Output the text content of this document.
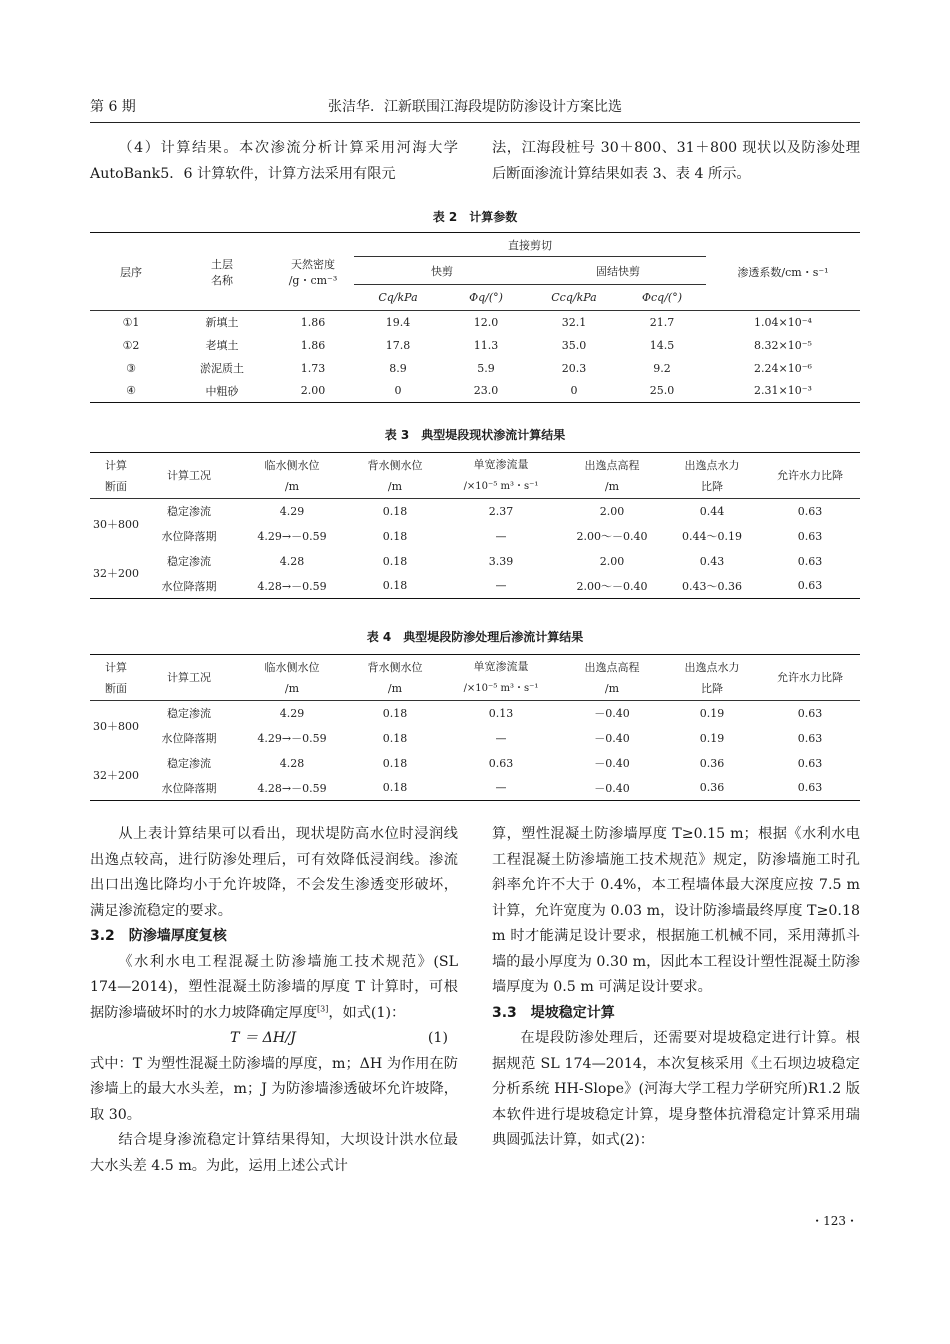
第 6 期	张洁华．江新联围江海段堤防防渗设计方案比选

（4）计算结果。本次渗流分析计算采用河海大学 AutoBank5．6 计算软件，计算方法采用有限元

法，江海段桩号 30＋800、31＋800 现状以及防渗处理后断面渗流计算结果如表 3、表 4 所示。

表 2　计算参数
层序	土层名称	天然密度
/g・cm⁻³	直接剪切				渗透系数/cm・s⁻¹
			快剪		固结快剪		
			Cq/kPa	Φq/(°)	Ccq/kPa	Φcq/(°)	
①1	新填土	1.86	19.4	12.0	32.1	21.7	1.04×10⁻⁴
①2	老填土	1.86	17.8	11.3	35.0	14.5	8.32×10⁻⁵
③	淤泥质土	1.73	8.9	5.9	20.3	9.2	2.24×10⁻⁶
④	中粗砂	2.00	0	23.0	0	25.0	2.31×10⁻³
表 3　典型堤段现状渗流计算结果
计算
断面	计算工况	临水侧水位
/m	背水侧水位
/m	单宽渗流量
/×10⁻⁵ m³・s⁻¹	出逸点高程
/m	出逸点水力
比降	允许水力比降
30＋800	稳定渗流	4.29	0.18	2.37	2.00	0.44	0.63
	水位降落期	4.29→－0.59	0.18	—	2.00～－0.40	0.44～0.19	0.63
32＋200	稳定渗流	4.28	0.18	3.39	2.00	0.43	0.63
	水位降落期	4.28→－0.59	0.18	—	2.00～－0.40	0.43～0.36	0.63
表 4　典型堤段防渗处理后渗流计算结果
计算
断面	计算工况	临水侧水位
/m	背水侧水位
/m	单宽渗流量
/×10⁻⁵ m³・s⁻¹	出逸点高程
/m	出逸点水力
比降	允许水力比降
30＋800	稳定渗流	4.29	0.18	0.13	－0.40	0.19	0.63
	水位降落期	4.29→－0.59	0.18	—	－0.40	0.19	0.63
32＋200	稳定渗流	4.28	0.18	0.63	－0.40	0.36	0.63
	水位降落期	4.28→－0.59	0.18	—	－0.40	0.36	0.63

从上表计算结果可以看出，现状堤防高水位时浸润线出逸点较高，进行防渗处理后，可有效降低浸润线。渗流出口出逸比降均小于允许坡降，不会发生渗透变形破坏，满足渗流稳定的要求。

3.2　防渗墙厚度复核

《水利水电工程混凝土防渗墙施工技术规范》(SL 174—2014)，塑性混凝土防渗墙的厚度 T 计算时，可根据防渗墙破坏时的水力坡降确定厚度[3]，如式(1)：

T ＝ ΔH/J	(1)

式中：T 为塑性混凝土防渗墙的厚度，m；ΔH 为作用在防渗墙上的最大水头差，m；J 为防渗墙渗透破坏允许坡降，取 30。

结合堤身渗流稳定计算结果得知，大坝设计洪水位最大水头差 4.5 m。为此，运用上述公式计

算，塑性混凝土防渗墙厚度 T≥0.15 m；根据《水利水电工程混凝土防渗墙施工技术规范》规定，防渗墙施工时孔斜率允许不大于 0.4%，本工程墙体最大深度应按 7.5 m 计算，允许宽度为 0.03 m，设计防渗墙最终厚度 T≥0.18 m 时才能满足设计要求，根据施工机械不同，采用薄抓斗墙的最小厚度为 0.30 m，因此本工程设计塑性混凝土防渗墙厚度为 0.5 m 可满足设计要求。

3.3　堤坡稳定计算

在堤段防渗处理后，还需要对堤坡稳定进行计算。根据规范 SL 174—2014，本次复核采用《土石坝边坡稳定分析系统 HH-Slope》(河海大学工程力学研究所)R1.2 版本软件进行堤坡稳定计算，堤身整体抗滑稳定计算采用瑞典圆弧法计算，如式(2)：

・123・
